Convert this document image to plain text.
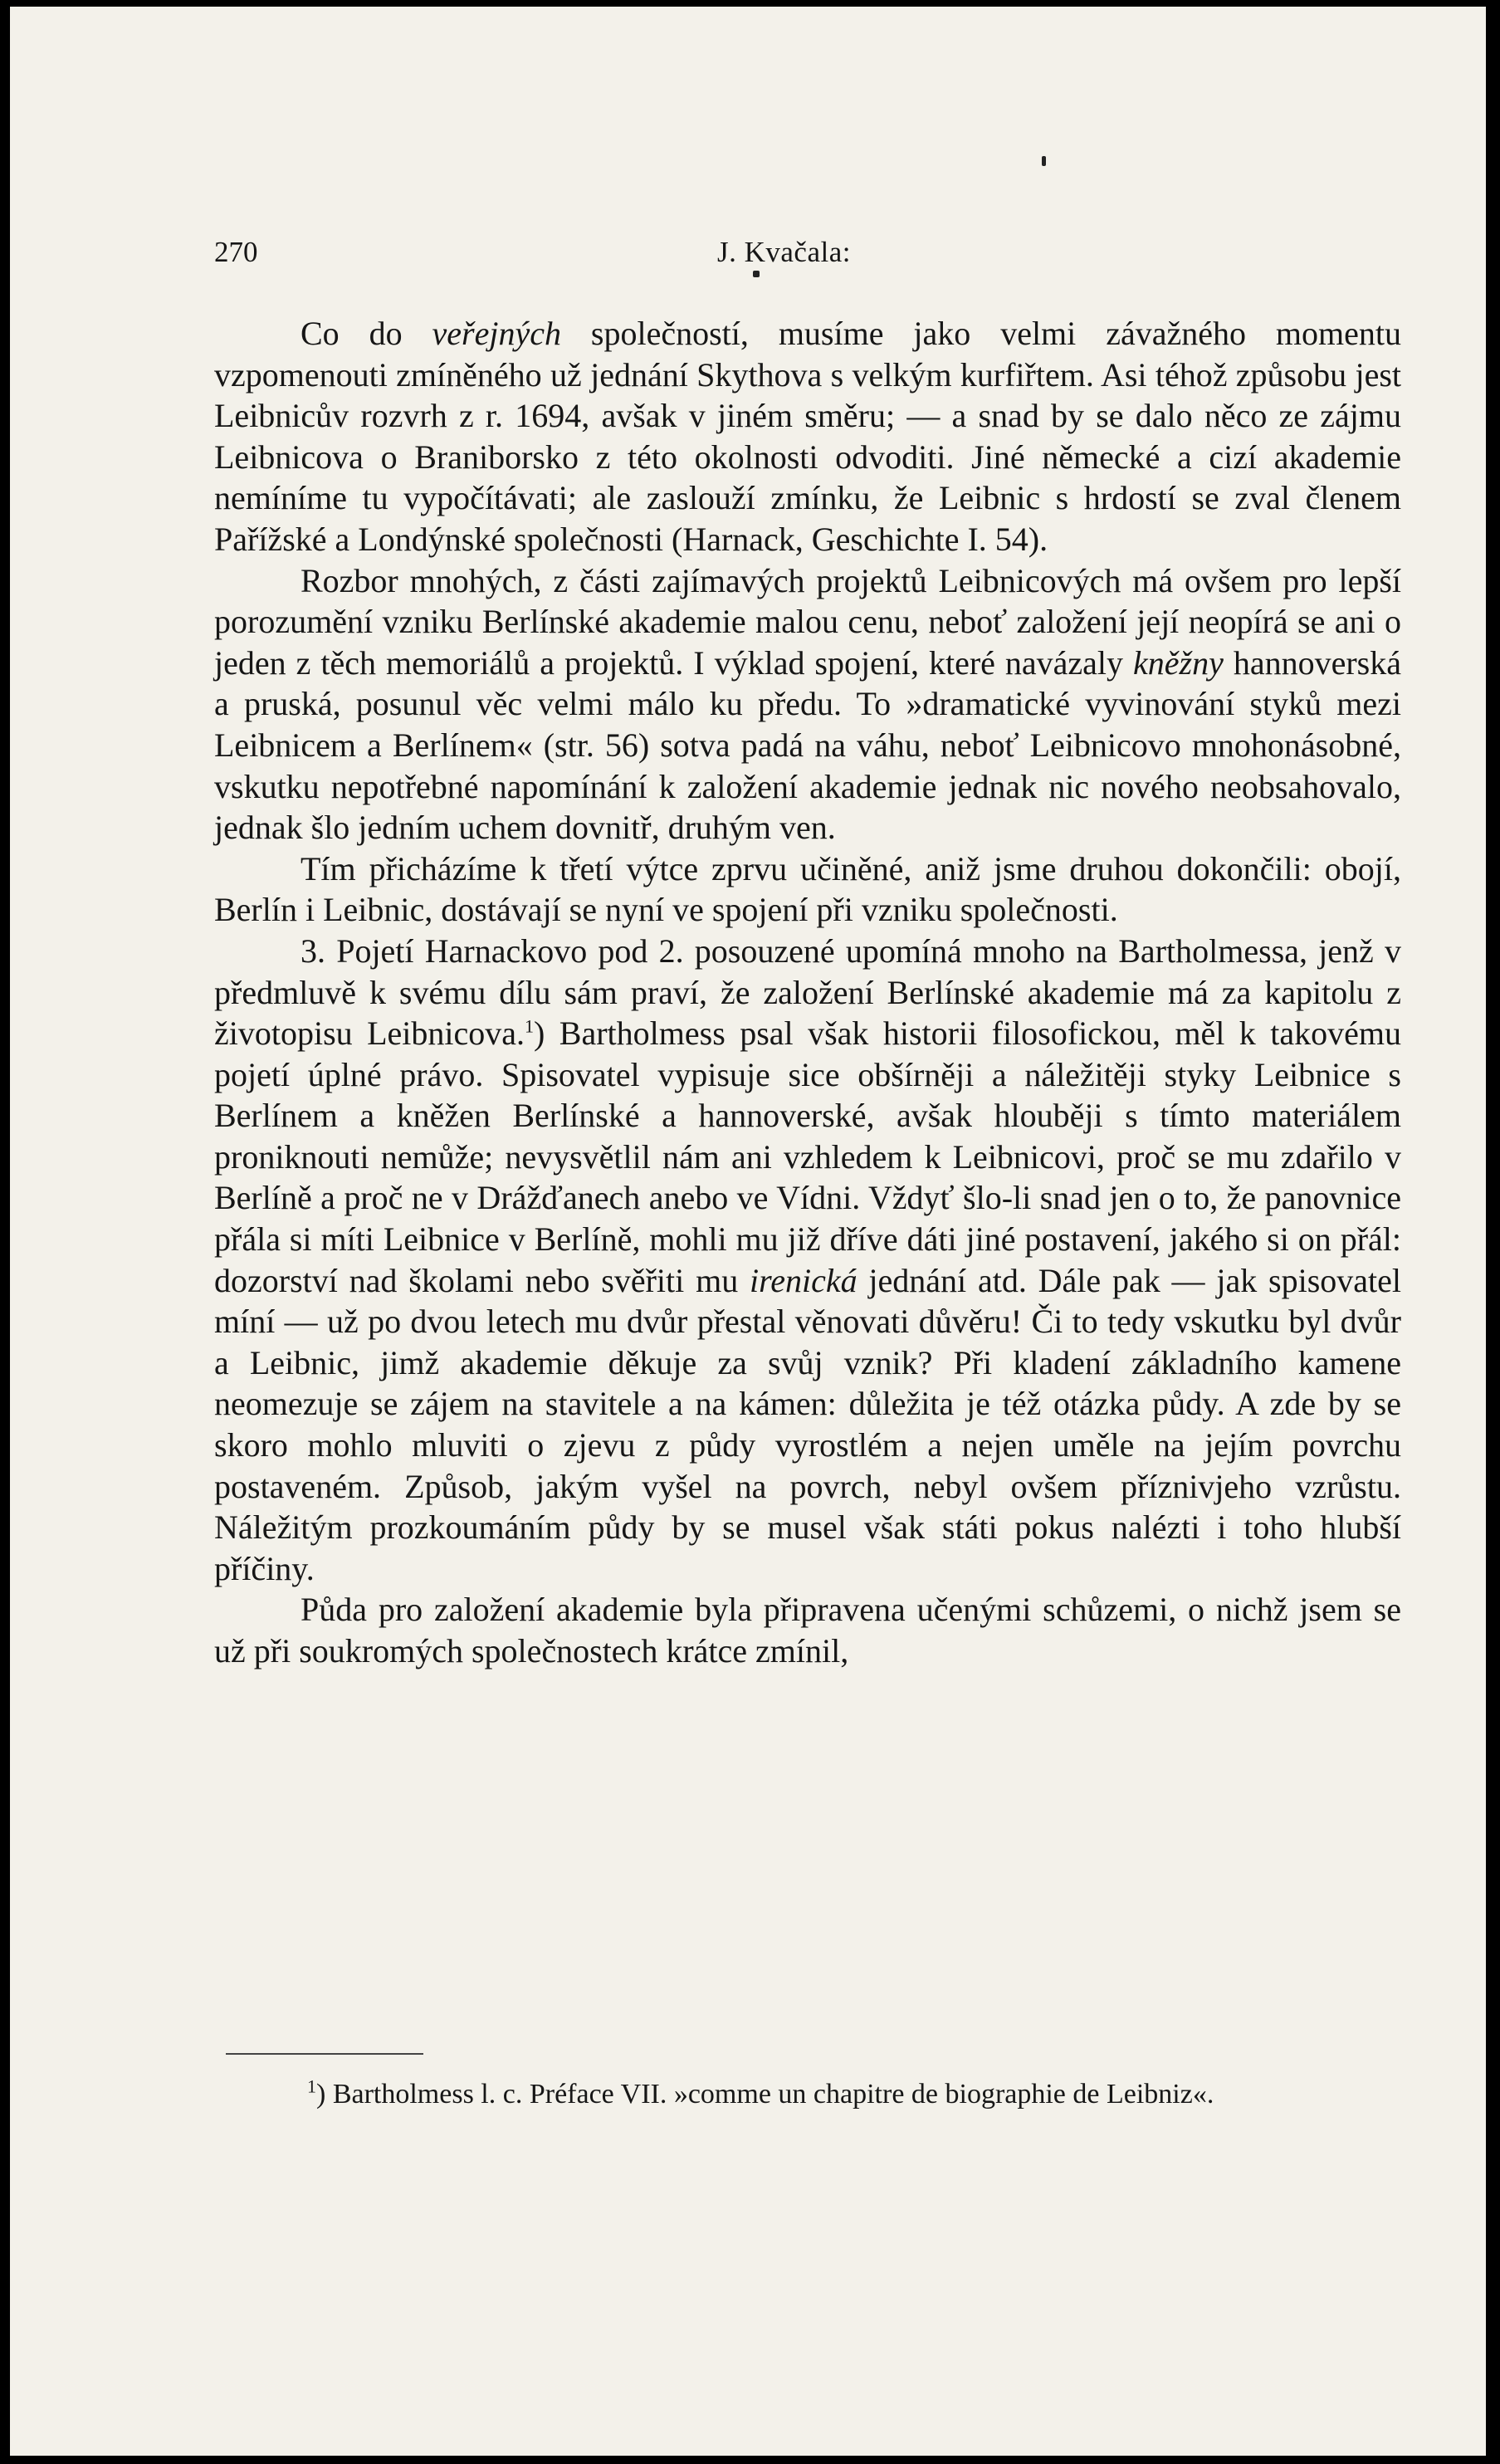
270	J. Kvačala:

Co do veřejných společností, musíme jako velmi závažného momentu vzpomenouti zmíněného už jednání Skythova s velkým kurfiřtem. Asi téhož způsobu jest Leibnicův rozvrh z r. 1694, avšak v jiném směru; — a snad by se dalo něco ze zájmu Leibnicova o Braniborsko z této okolnosti odvoditi. Jiné německé a cizí akademie nemíníme tu vypočítávati; ale zaslouží zmínku, že Leibnic s hrdostí se zval členem Pařížské a Londýnské společnosti (Harnack, Geschichte I. 54).

Rozbor mnohých, z části zajímavých projektů Leibnicových má ovšem pro lepší porozumění vzniku Berlínské akademie malou cenu, neboť založení její neopírá se ani o jeden z těch memoriálů a projektů. I výklad spojení, které navázaly kněžny hannoverská a pruská, posunul věc velmi málo ku předu. To »dramatické vyvinování styků mezi Leibnicem a Berlínem« (str. 56) sotva padá na váhu, neboť Leibnicovo mnohonásobné, vskutku nepotřebné napomínání k založení akademie jednak nic nového neobsahovalo, jednak šlo jedním uchem dovnitř, druhým ven.

Tím přicházíme k třetí výtce zprvu učiněné, aniž jsme druhou dokončili: obojí, Berlín i Leibnic, dostávají se nyní ve spojení při vzniku společnosti.

3. Pojetí Harnackovo pod 2. posouzené upomíná mnoho na Bartholmessa, jenž v předmluvě k svému dílu sám praví, že založení Berlínské akademie má za kapitolu z životopisu Leibnicova.$^1$) Bartholmess psal však historii filosofickou, měl k takovému pojetí úplné právo. Spisovatel vypisuje sice obšírněji a náležitěji styky Leibnice s Berlínem a kněžen Berlínské a hannoverské, avšak hlouběji s tímto materiálem proniknouti nemůže; nevysvětlil nám ani vzhledem k Leibnicovi, proč se mu zdařilo v Berlíně a proč ne v Drážďanech anebo ve Vídni. Vždyť šlo-li snad jen o to, že panovnice přála si míti Leibnice v Berlíně, mohli mu již dříve dáti jiné postavení, jakého si on přál: dozorství nad školami nebo svěřiti mu irenická jednání atd. Dále pak — jak spisovatel míní — už po dvou letech mu dvůr přestal věnovati důvěru! Či to tedy vskutku byl dvůr a Leibnic, jimž akademie děkuje za svůj vznik? Při kladení základního kamene neomezuje se zájem na stavitele a na kámen: důležita je též otázka půdy. A zde by se skoro mohlo mluviti o zjevu z půdy vyrostlém a nejen uměle na jejím povrchu postaveném. Způsob, jakým vyšel na povrch, nebyl ovšem příznivjeho vzrůstu. Náležitým prozkoumáním půdy by se musel však státi pokus nalézti i toho hlubší příčiny.

Půda pro založení akademie byla připravena učenými schůzemi, o nichž jsem se už při soukromých společnostech krátce zmínil,

$^1$) Bartholmess l. c. Préface VII. »comme un chapitre de biographie de Leibniz«.
